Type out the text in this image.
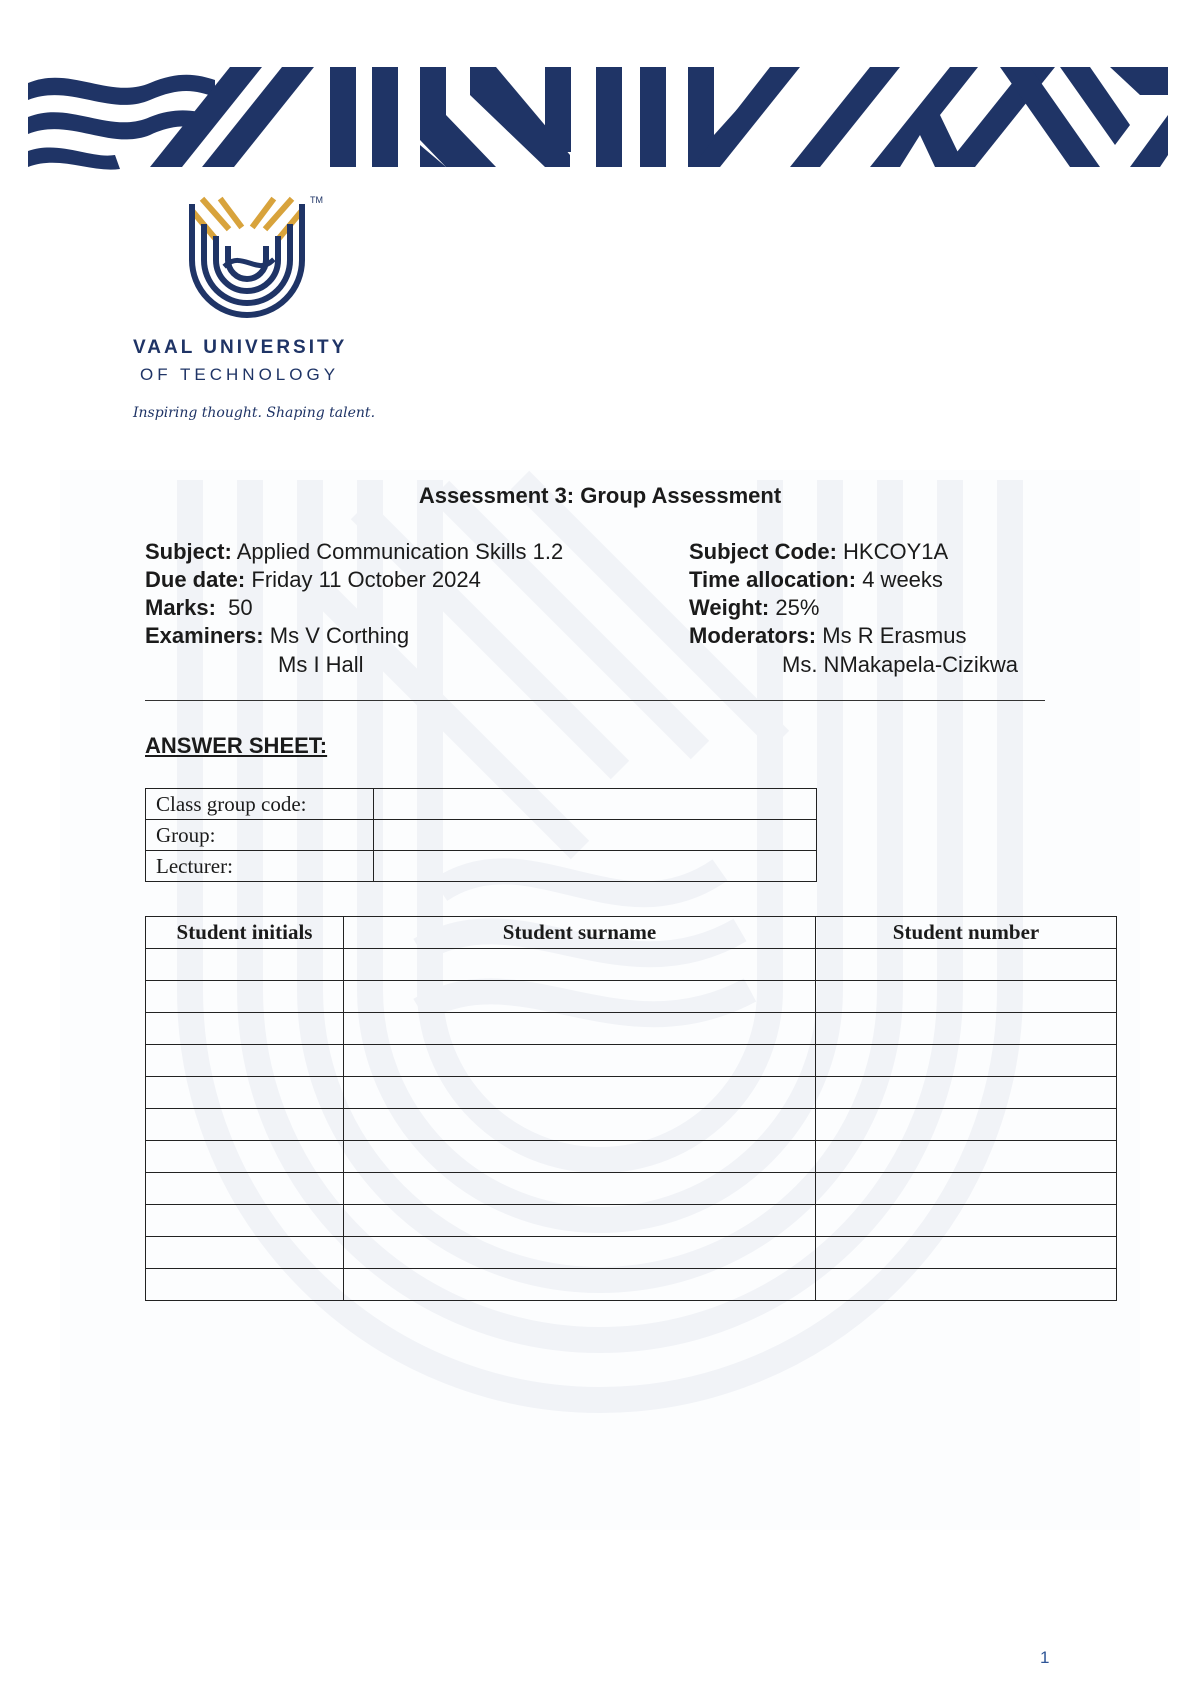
TM
VAAL UNIVERSITY
OF TECHNOLOGY
Inspiring thought. Shaping talent.
Assessment 3: Group Assessment
Subject: Applied Communication Skills 1.2
Due date: Friday 11 October 2024
Marks: 50
Examiners: Ms V Corthing
Ms I Hall
Subject Code: HKCOY1A
Time allocation: 4 weeks
Weight: 25%
Moderators: Ms R Erasmus
Ms. NMakapela-Cizikwa
ANSWER SHEET:
Class group code:	
Group:	
Lecturer:	
Student initials	Student surname	Student number

1
